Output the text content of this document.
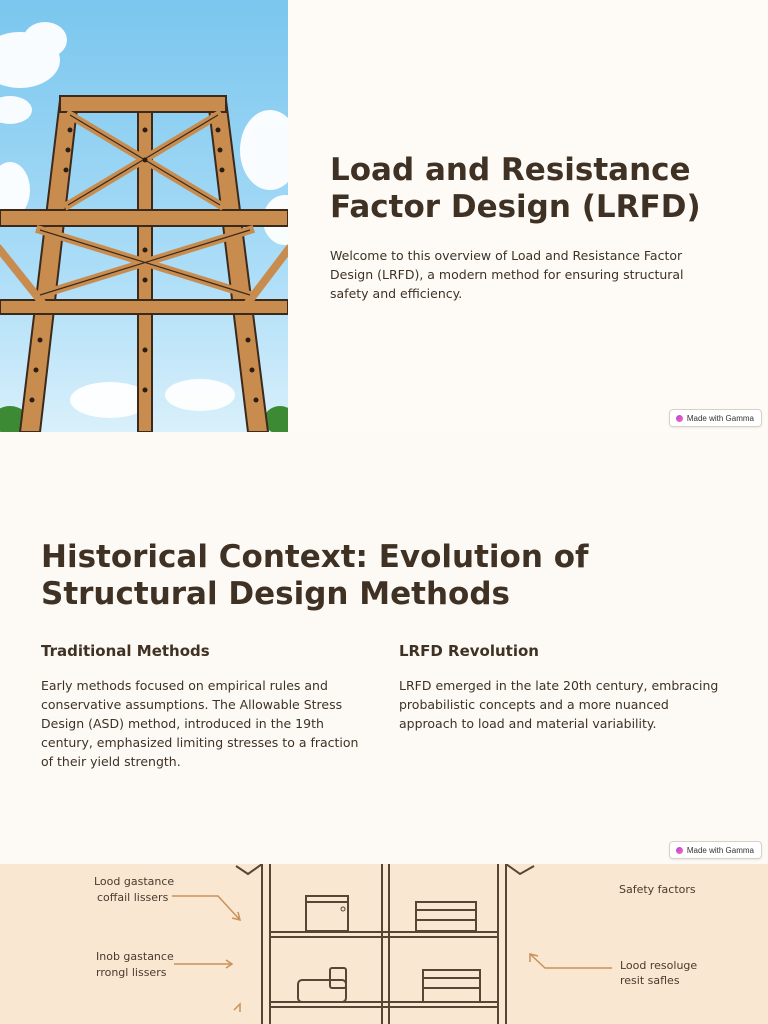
Load and Resistance Factor Design (LRFD)

Welcome to this overview of Load and Resistance Factor Design (LRFD), a modern method for ensuring structural safety and efficiency.

Made with Gamma
Historical Context: Evolution of Structural Design Methods
Traditional Methods

Early methods focused on empirical rules and conservative assumptions. The Allowable Stress Design (ASD) method, introduced in the 19th century, emphasized limiting stresses to a fraction of their yield strength.

LRFD Revolution

LRFD emerged in the late 20th century, embracing probabilistic concepts and a more nuanced approach to load and material variability.

Made with Gamma
Lood gastance
coffail lissers
Inob gastance
rrongl lissers
Safety factors
Lood resoluge
resit safles
